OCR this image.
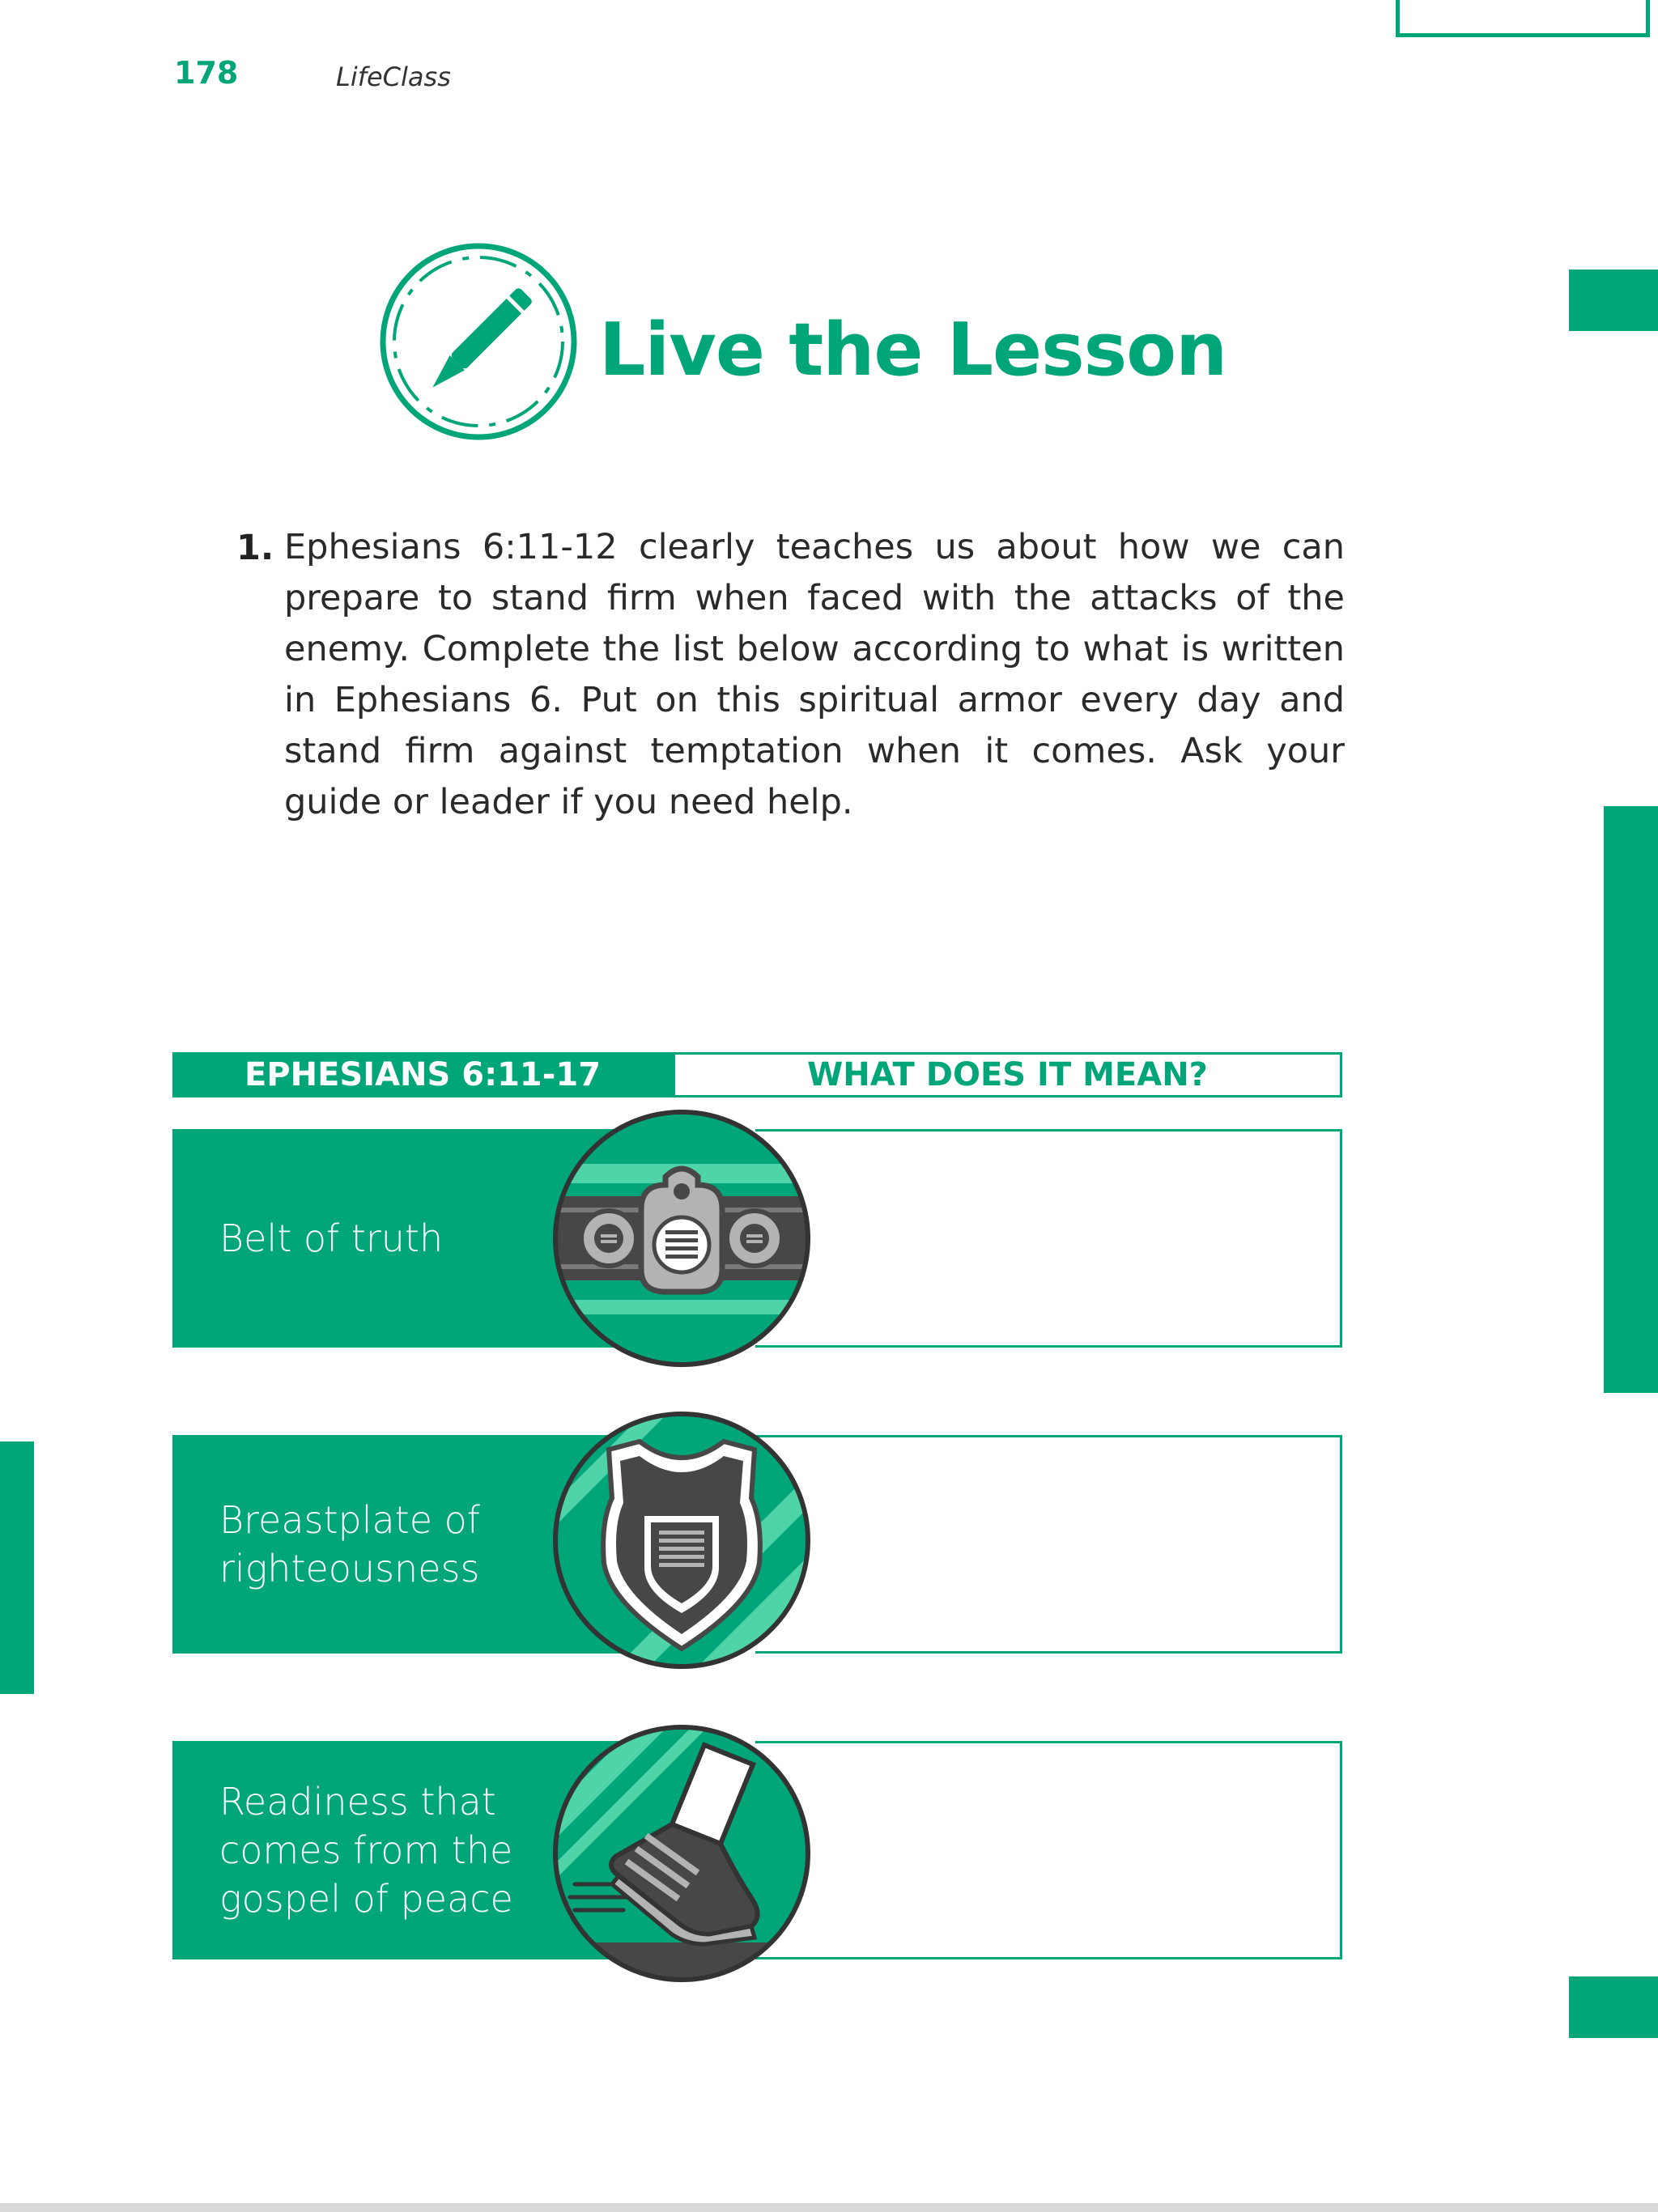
178	LifeClass
Live the Lesson
1. Ephesians 6:11-12 clearly teaches us about how we can prepare to stand firm when faced with the attacks of the enemy. Complete the list below according to what is written in Ephesians 6. Put on this spiritual armor every day and stand firm against temptation when it comes. Ask your guide or leader if you need help.
EPHESIANS 6:11-17	WHAT DOES IT MEAN?
Belt of truth
Breastplate of righteousness
Readiness that comes from the gospel of peace
